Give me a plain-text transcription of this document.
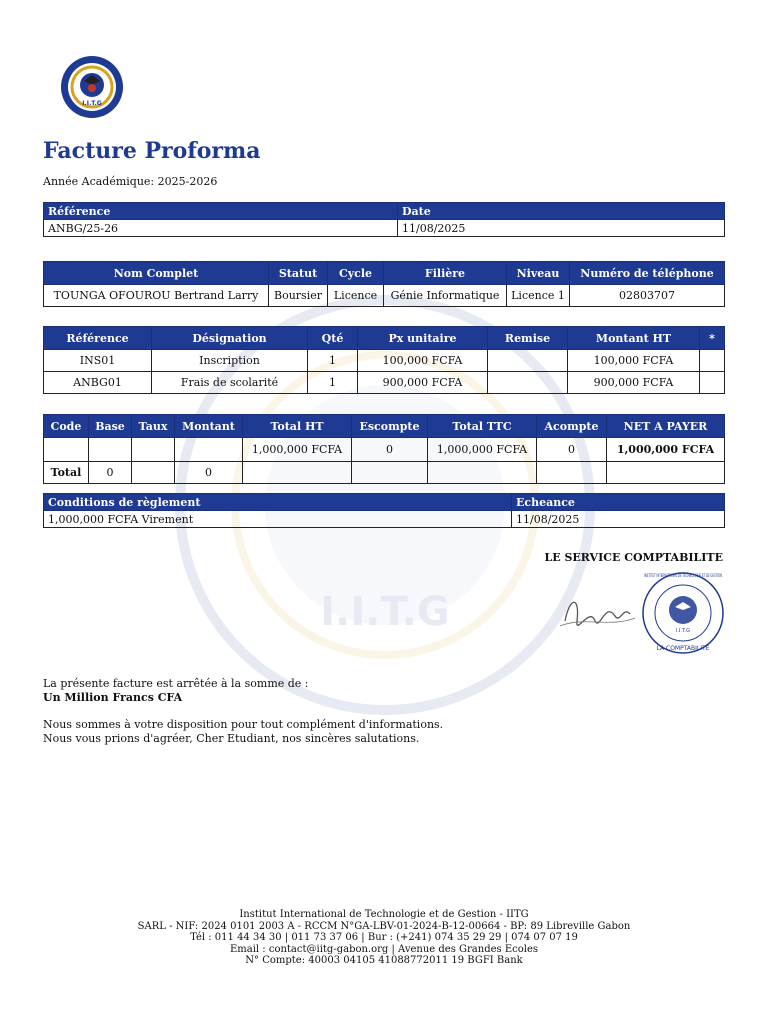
I.I.T.G
I.I.T.G
Facture Proforma
Année Académique: 2025-2026
Référence	Date
ANBG/25-26	11/08/2025
Nom Complet	Statut	Cycle	Filière	Niveau	Numéro de téléphone
TOUNGA OFOUROU Bertrand Larry	Boursier	Licence	Génie Informatique	Licence 1	02803707
Référence	Désignation	Qté	Px unitaire	Remise	Montant HT	*
INS01	Inscription	1	100,000 FCFA		100,000 FCFA	
ANBG01	Frais de scolarité	1	900,000 FCFA		900,000 FCFA	
Code	Base	Taux	Montant	Total HT	Escompte	Total TTC	Acompte	NET A PAYER
				1,000,000 FCFA	0	1,000,000 FCFA	0	1,000,000 FCFA
Total	0		0					
Conditions de règlement	Echeance
1,000,000 FCFA Virement	11/08/2025
LE SERVICE COMPTABILITE
I.I.T.G
INSTITUT INTERNATIONAL DE TECHNOLOGIE ET DE GESTION
LA COMPTABILITE
La présente facture est arrêtée à la somme de :
Un Million Francs CFA
Nous sommes à votre disposition pour tout complément d'informations.
Nous vous prions d'agréer, Cher Etudiant, nos sincères salutations.
Institut International de Technologie et de Gestion - IITG
SARL - NIF: 2024 0101 2003 A - RCCM N°GA-LBV-01-2024-B-12-00664 - BP: 89 Libreville Gabon
Tél : 011 44 34 30 | 011 73 37 06 | Bur : (+241) 074 35 29 29 | 074 07 07 19
Email : contact@iitg-gabon.org | Avenue des Grandes Ecoles
N° Compte: 40003 04105 41088772011 19 BGFI Bank
